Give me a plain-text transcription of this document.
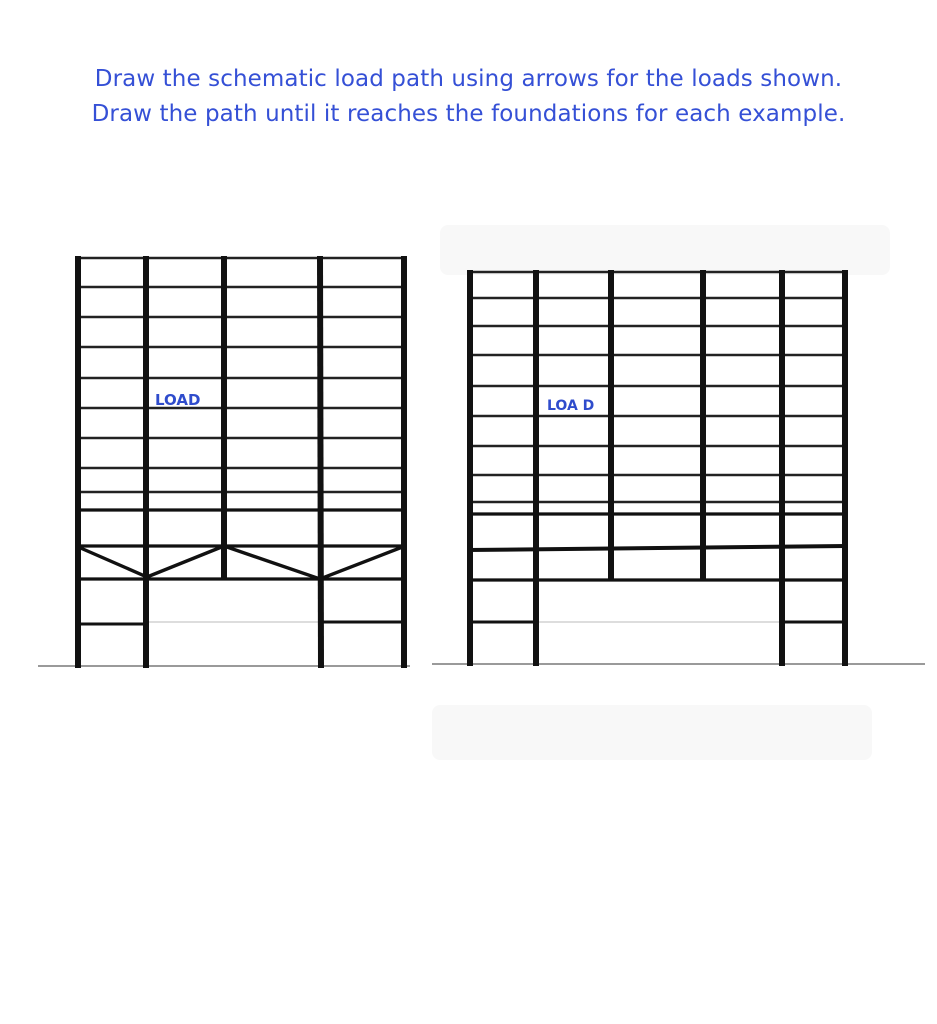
Draw the schematic load path using arrows for the loads shown.
Draw the path until it reaches the foundations for each example.
LOAD	LOA D
